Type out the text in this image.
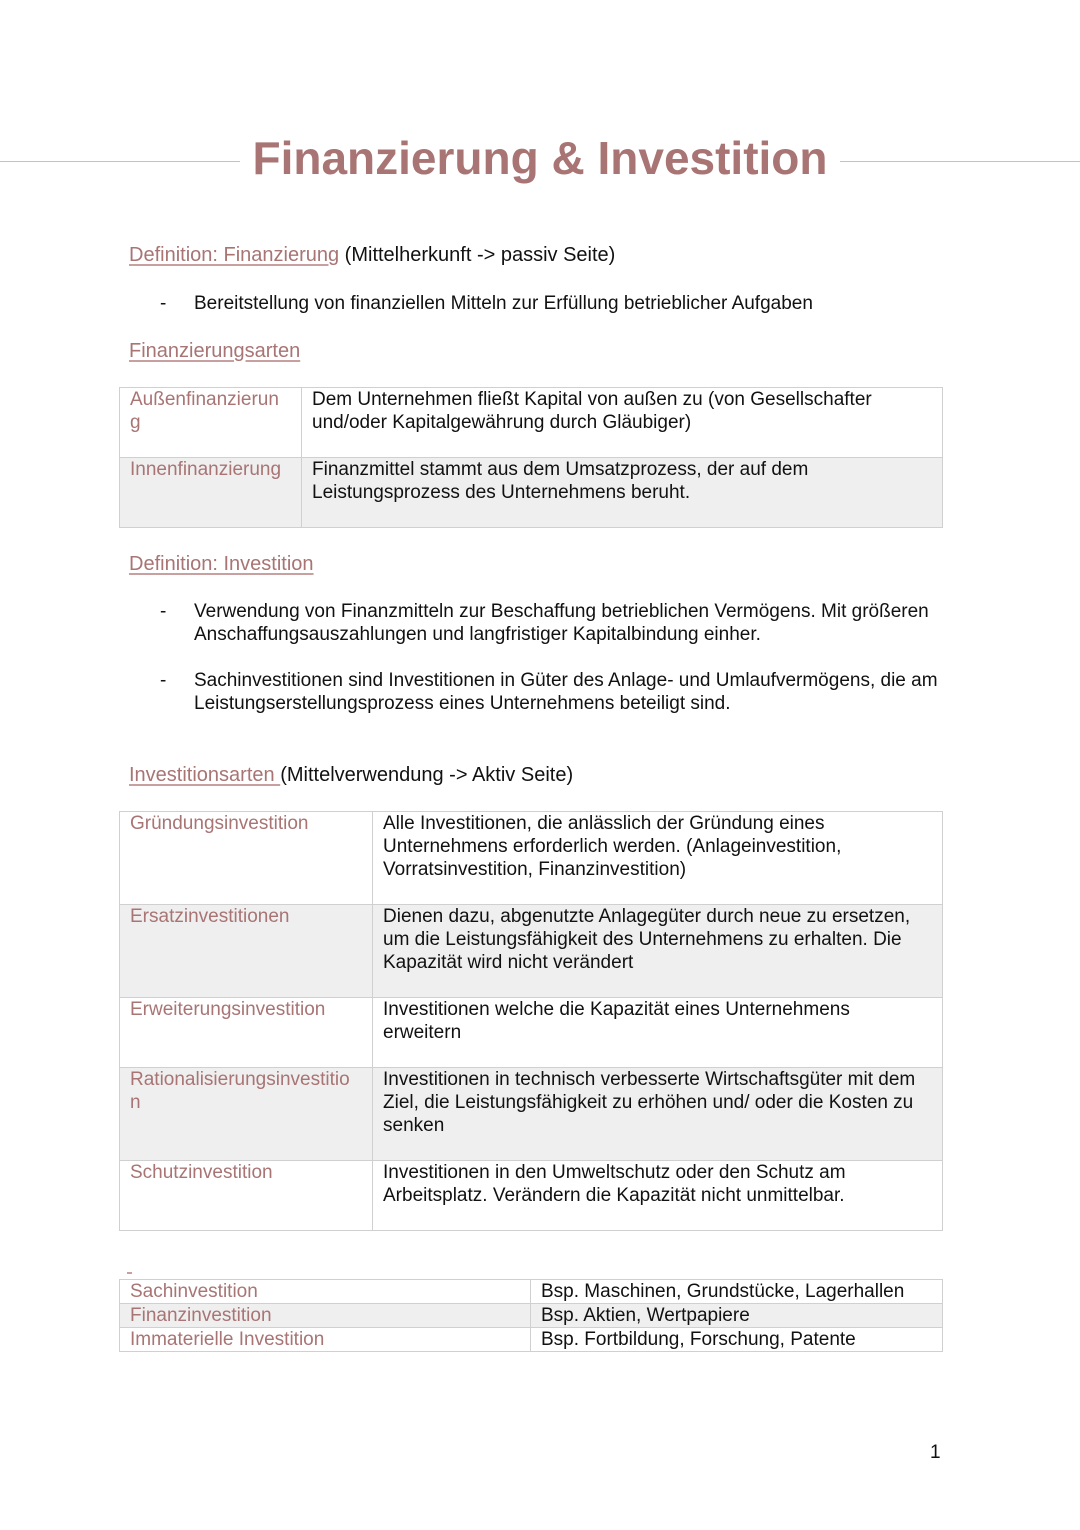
Finanzierung & Investition
Definition: Finanzierung (Mittelherkunft -> passiv Seite)
- Bereitstellung von finanziellen Mitteln zur Erfüllung betrieblicher Aufgaben
Finanzierungsarten
Außenfinanzierun g	Dem Unternehmen fließt Kapital von außen zu (von Gesellschafter und/oder Kapitalgewährung durch Gläubiger)

Innenfinanzierung	Finanzmittel stammt aus dem Umsatzprozess, der auf dem Leistungsprozess des Unternehmens beruht.
Definition: Investition
- Verwendung von Finanzmitteln zur Beschaffung betrieblichen Vermögens. Mit größeren Anschaffungsauszahlungen und langfristiger Kapitalbindung einher.
- Sachinvestitionen sind Investitionen in Güter des Anlage- und Umlaufvermögens, die am Leistungserstellungsprozess eines Unternehmens beteiligt sind.
Investitionsarten (Mittelverwendung -> Aktiv Seite)
Gründungsinvestition	Alle Investitionen, die anlässlich der Gründung eines Unternehmens erforderlich werden. (Anlageinvestition, Vorratsinvestition, Finanzinvestition)

Ersatzinvestitionen	Dienen dazu, abgenutzte Anlagegüter durch neue zu ersetzen, um die Leistungsfähigkeit des Unternehmens zu erhalten. Die Kapazität wird nicht verändert

Erweiterungsinvestition	Investitionen welche die Kapazität eines Unternehmens erweitern

Rationalisierungsinvestitio n	Investitionen in technisch verbesserte Wirtschaftsgüter mit dem Ziel, die Leistungsfähigkeit zu erhöhen und/ oder die Kosten zu senken

Schutzinvestition	Investitionen in den Umweltschutz oder den Schutz am Arbeitsplatz. Verändern die Kapazität nicht unmittelbar.
Sachinvestition	Bsp. Maschinen, Grundstücke, Lagerhallen

Finanzinvestition	Bsp. Aktien, Wertpapiere

Immaterielle Investition	Bsp. Fortbildung, Forschung, Patente
1
